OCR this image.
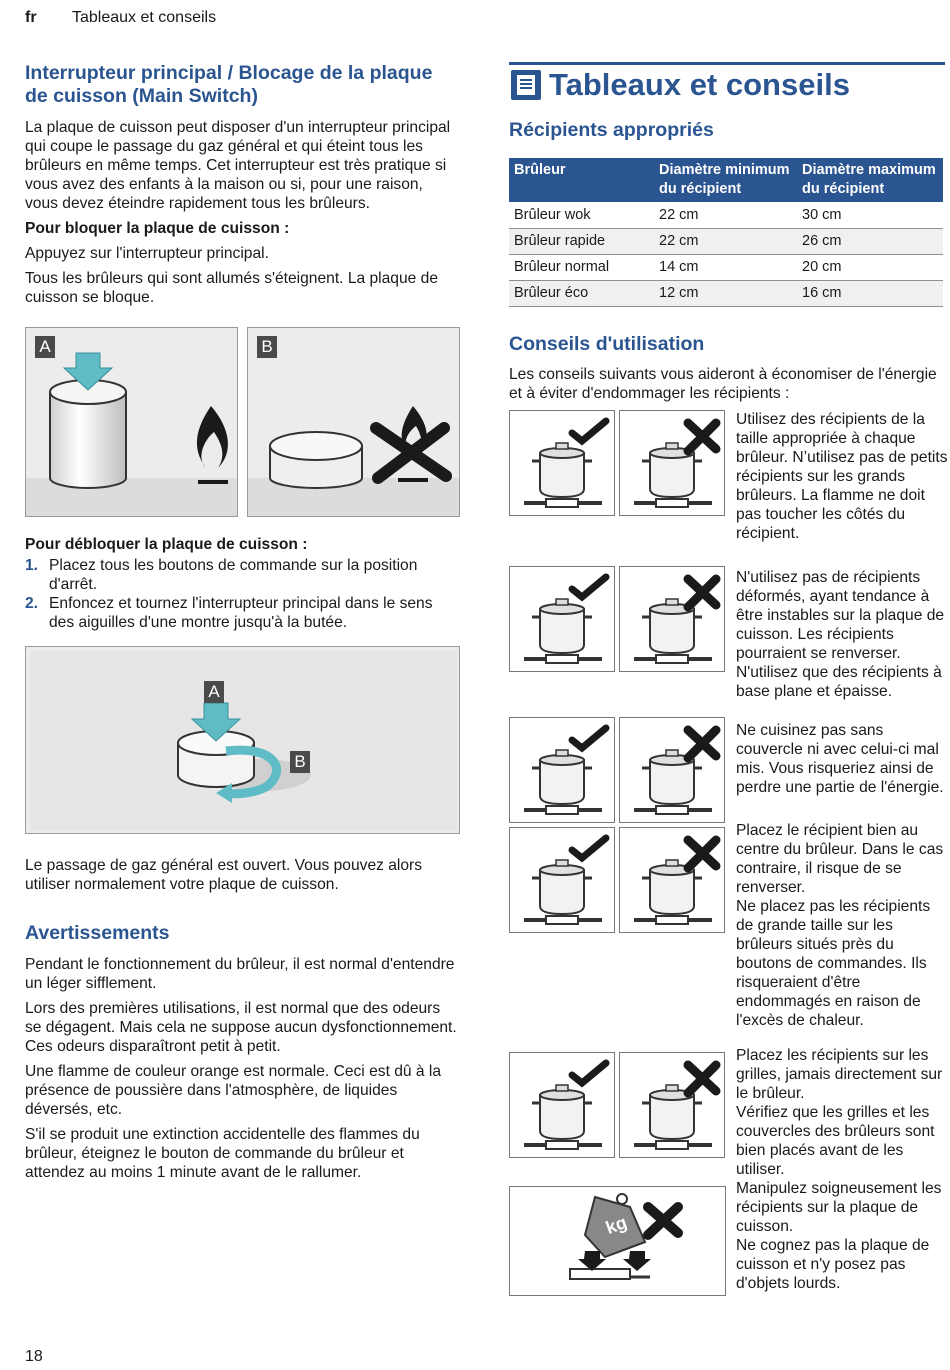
fr Tableaux et conseils
Interrupteur principal / Blocage de la plaque de cuisson (Main Switch)

La plaque de cuisson peut disposer d'un interrupteur principal qui coupe le passage du gaz général et qui éteint tous les brûleurs en même temps. Cet interrupteur est très pratique si vous avez des enfants à la maison ou si, pour une raison, vous devez éteindre rapidement tous les brûleurs.

Pour bloquer la plaque de cuisson :

Appuyez sur l'interrupteur principal.

Tous les brûleurs qui sont allumés s'éteignent. La plaque de cuisson se bloque.

A	B

Pour débloquer la plaque de cuisson :

1. Placez tous les boutons de commande sur la position d'arrêt.
2. Enfoncez et tournez l'interrupteur principal dans le sens des aiguilles d'une montre jusqu'à la butée.
A
B

Le passage de gaz général est ouvert. Vous pouvez alors utiliser normalement votre plaque de cuisson.

Avertissements

Pendant le fonctionnement du brûleur, il est normal d'entendre un léger sifflement.

Lors des premières utilisations, il est normal que des odeurs se dégagent. Mais cela ne suppose aucun dysfonctionnement. Ces odeurs disparaîtront petit à petit.

Une flamme de couleur orange est normale. Ceci est dû à la présence de poussière dans l'atmosphère, de liquides déversés, etc.

S'il se produit une extinction accidentelle des flammes du brûleur, éteignez le bouton de commande du brûleur et attendez au moins 1 minute avant de le rallumer.

Tableaux et conseils
Récipients appropriés
Brûleur	Diamètre minimum du récipient	Diamètre maximum du récipient
Brûleur wok	22 cm	30 cm
Brûleur rapide	22 cm	26 cm
Brûleur normal	14 cm	20 cm
Brûleur éco	12 cm	16 cm
Conseils d'utilisation

Les conseils suivants vous aideront à économiser de l'énergie et à éviter d'endommager les récipients :

Utilisez des récipients de la taille appropriée à chaque brûleur. N’utilisez pas de petits récipients sur les grands brûleurs. La flamme ne doit pas toucher les côtés du récipient.
N'utilisez pas de récipients déformés, ayant tendance à être instables sur la plaque de cuisson. Les récipients pourraient se renverser. N'utilisez que des récipients à base plane et épaisse.
Ne cuisinez pas sans couvercle ni avec celui-ci mal mis. Vous risqueriez ainsi de perdre une partie de l'énergie.
Placez le récipient bien au centre du brûleur. Dans le cas contraire, il risque de se renverser.
Ne placez pas les récipients de grande taille sur les brûleurs situés près du boutons de commandes. Ils risqueraient d'être endommagés en raison de l'excès de chaleur.
Placez les récipients sur les grilles, jamais directement sur le brûleur.
Vérifiez que les grilles et les couvercles des brûleurs sont bien placés avant de les utiliser.
Manipulez soigneusement les récipients sur la plaque de cuisson.
Ne cognez pas la plaque de cuisson et n'y posez pas d'objets lourds.
kg
18
